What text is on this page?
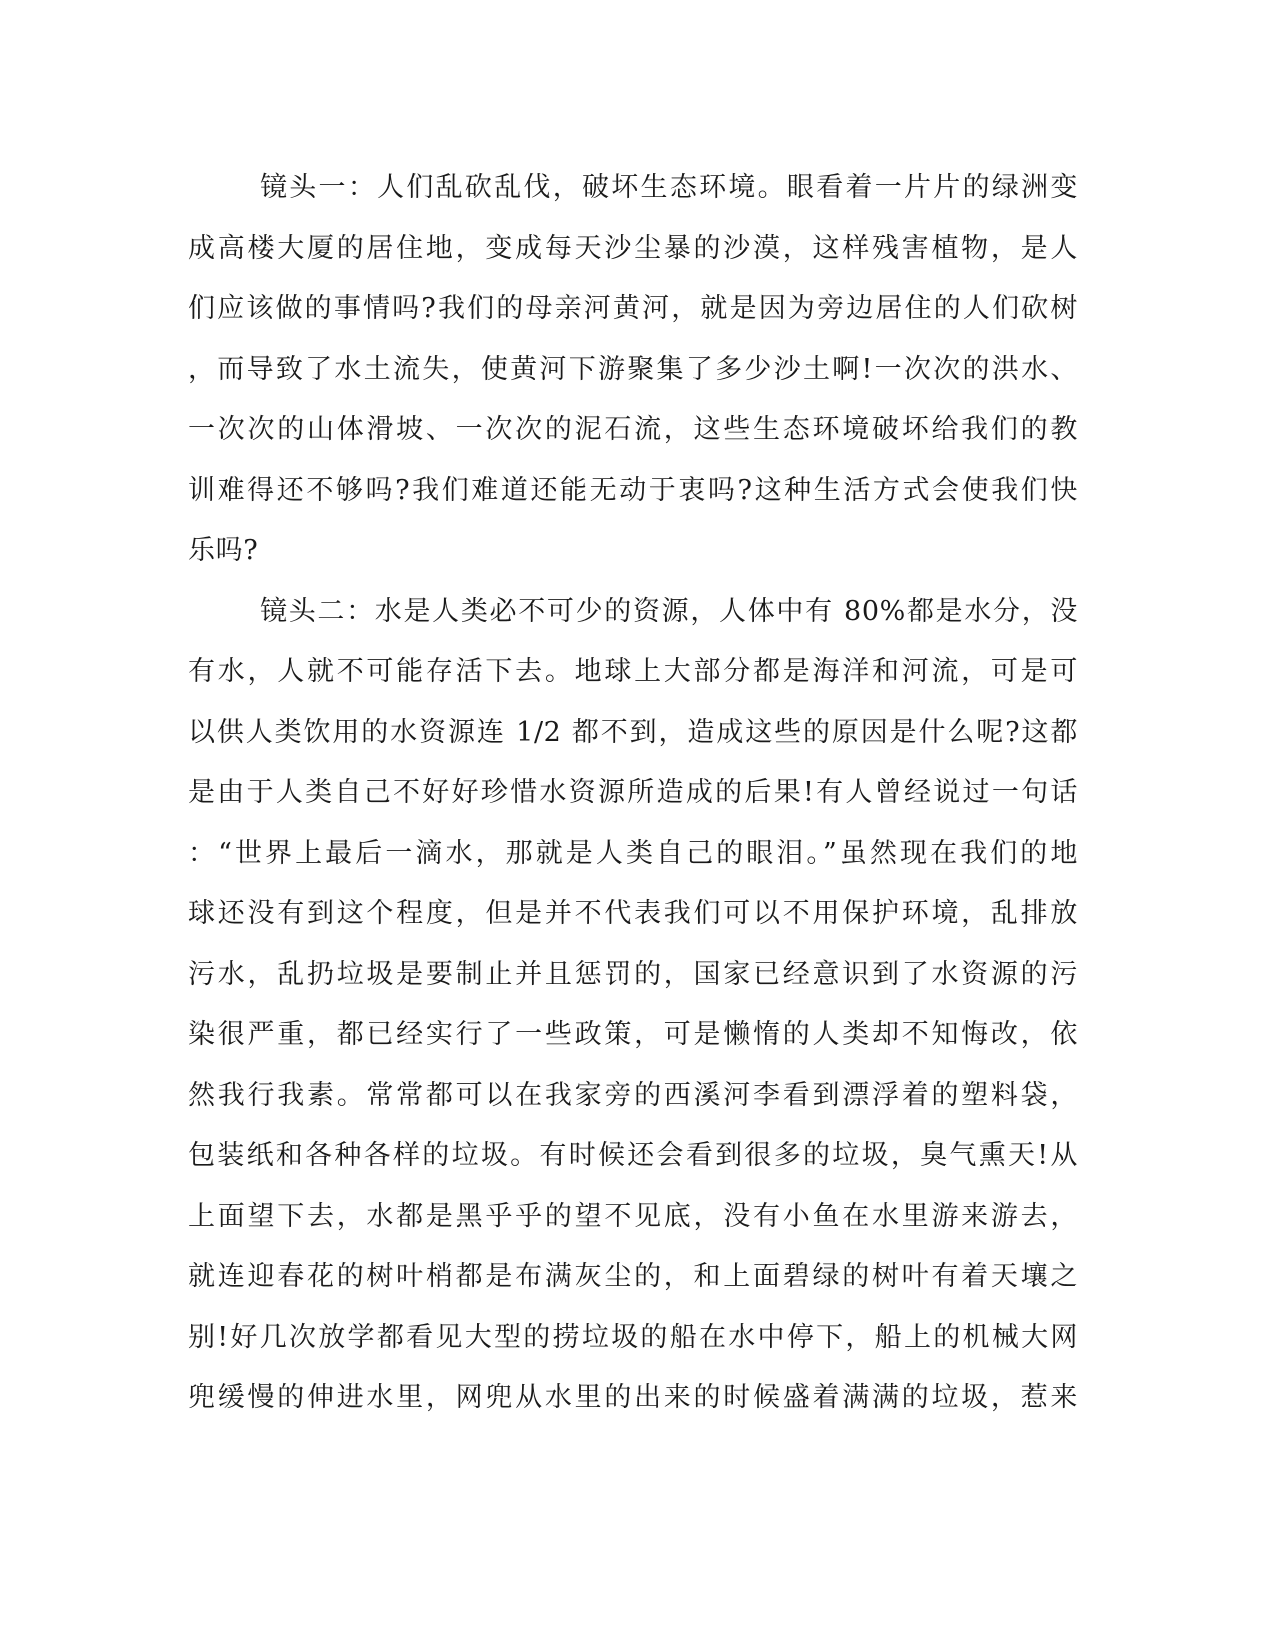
镜头一：人们乱砍乱伐，破坏生态环境。眼看着一片片的绿洲变
成高楼大厦的居住地，变成每天沙尘暴的沙漠，这样残害植物，是人
们应该做的事情吗?我们的母亲河黄河，就是因为旁边居住的人们砍树
，而导致了水土流失，使黄河下游聚集了多少沙土啊!一次次的洪水、
一次次的山体滑坡、一次次的泥石流，这些生态环境破坏给我们的教
训难得还不够吗?我们难道还能无动于衷吗?这种生活方式会使我们快
乐吗?
镜头二：水是人类必不可少的资源，人体中有 80%都是水分，没
有水，人就不可能存活下去。地球上大部分都是海洋和河流，可是可
以供人类饮用的水资源连 1/2 都不到，造成这些的原因是什么呢?这都
是由于人类自己不好好珍惜水资源所造成的后果!有人曾经说过一句话
：“世界上最后一滴水，那就是人类自己的眼泪。”虽然现在我们的地
球还没有到这个程度，但是并不代表我们可以不用保护环境，乱排放
污水，乱扔垃圾是要制止并且惩罚的，国家已经意识到了水资源的污
染很严重，都已经实行了一些政策，可是懒惰的人类却不知悔改，依
然我行我素。常常都可以在我家旁的西溪河李看到漂浮着的塑料袋，
包装纸和各种各样的垃圾。有时候还会看到很多的垃圾，臭气熏天!从
上面望下去，水都是黑乎乎的望不见底，没有小鱼在水里游来游去，
就连迎春花的树叶梢都是布满灰尘的，和上面碧绿的树叶有着天壤之
别!好几次放学都看见大型的捞垃圾的船在水中停下，船上的机械大网
兜缓慢的伸进水里，网兜从水里的出来的时候盛着满满的垃圾，惹来
